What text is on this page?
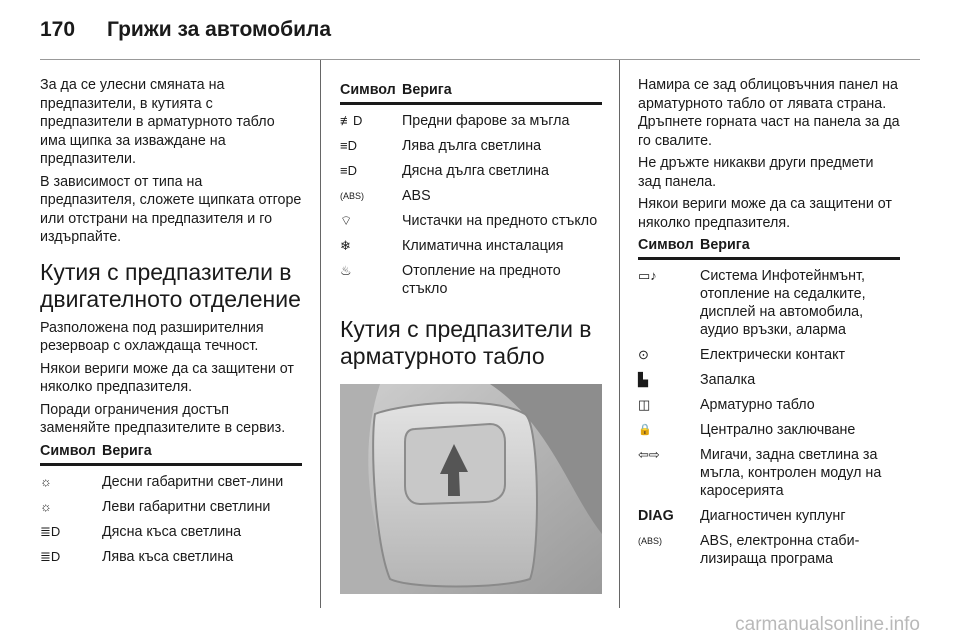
170	Грижи за автомобила

За да се улесни смяната на предпазители, в кутията с предпазители в арматурното табло има щипка за изваждане на предпазители.

В зависимост от типа на предпазителя, сложете щипката отгоре или отстрани на предпазителя и го издърпайте.

Кутия с предпазители в двигателното отделение

Разположена под разширителния резервоар с охлаждаща течност.

Някои вериги може да са защитени от няколко предпазителя.

Поради ограничения достъп заменяйте предпазителите в сервиз.

Символ Верига
☼	Десни габаритни свет-лини
☼	Леви габаритни светлини
≣D	Дясна къса светлина
≣D	Лява къса светлина
Символ Верига
≢D	Предни фарове за мъгла
≡D	Лява дълга светлина
≡D	Дясна дълга светлина
(ABS)	ABS
⌔	Чистачки на предното стъкло
❄	Климатична инсталация
♨	Отопление на предното стъкло
Кутия с предпазители в арматурното табло

Намира се зад облицовъчния панел на арматурното табло от лявата страна. Дръпнете горната част на панела за да го свалите.

Не дръжте никакви други предмети зад панела.

Някои вериги може да са защитени от няколко предпазителя.

Символ Верига
▭♪	Система Инфотейнмънт, отопление на седалките, дисплей на автомобила, аудио връзки, аларма
⊙	Електрически контакт
▙	Запалка
◫	Арматурно табло
🔒	Централно заключване
⇦⇨	Мигачи, задна светлина за мъгла, контролен модул на каросерията
DIAG	Диагностичен куплунг
(ABS)	ABS, електронна стаби-лизираща програма
carmanualsonline.info
